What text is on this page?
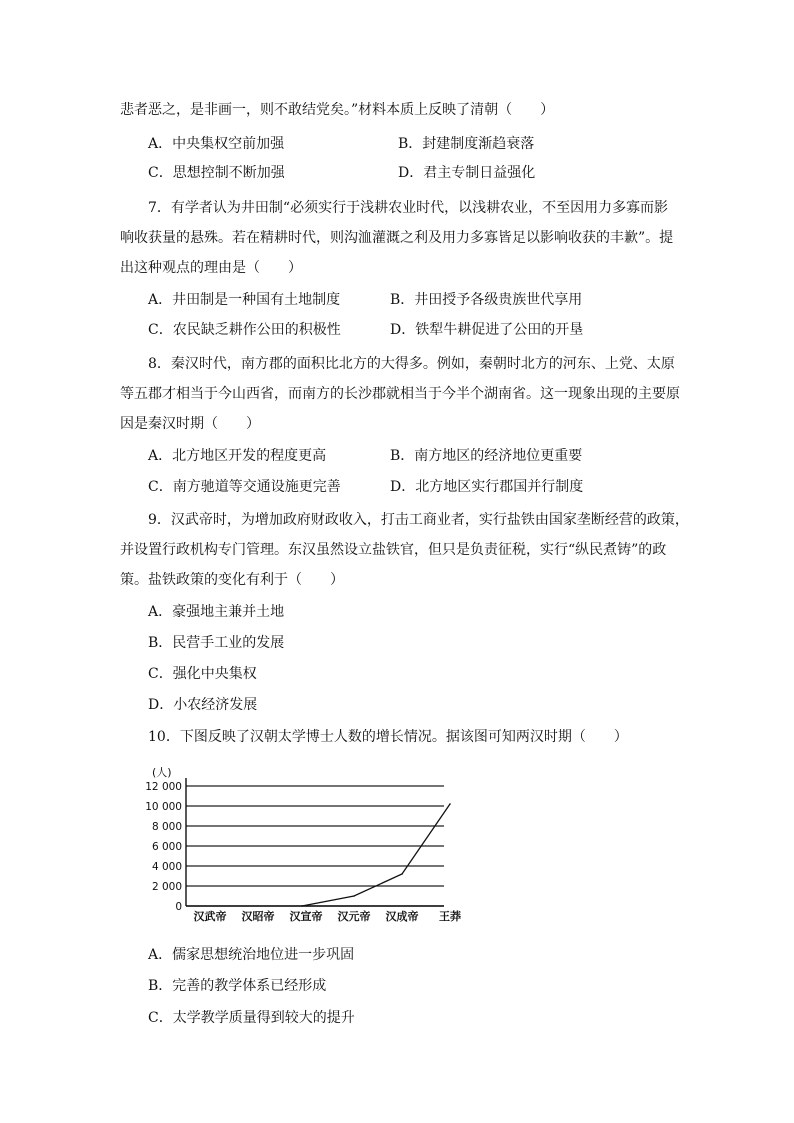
悲者恶之，是非画一，则不敢结党矣。”材料本质上反映了清朝（　　）
A．中央集权空前加强	B．封建制度渐趋衰落
C．思想控制不断加强	D．君主专制日益强化
7．有学者认为井田制“必须实行于浅耕农业时代，以浅耕农业，不至因用力多寡而影
响收获量的悬殊。若在精耕时代，则沟洫灌溉之利及用力多寡皆足以影响收获的丰歉”。提
出这种观点的理由是（　　）
A．井田制是一种国有土地制度	B．井田授予各级贵族世代享用
C．农民缺乏耕作公田的积极性	D．铁犁牛耕促进了公田的开垦
8．秦汉时代，南方郡的面积比北方的大得多。例如，秦朝时北方的河东、上党、太原
等五郡才相当于今山西省，而南方的长沙郡就相当于今半个湖南省。这一现象出现的主要原
因是秦汉时期（　　）
A．北方地区开发的程度更高	B．南方地区的经济地位更重要
C．南方驰道等交通设施更完善	D．北方地区实行郡国并行制度
9．汉武帝时，为增加政府财政收入，打击工商业者，实行盐铁由国家垄断经营的政策，
并设置行政机构专门管理。东汉虽然设立盐铁官，但只是负责征税，实行“纵民煮铸”的政
策。盐铁政策的变化有利于（　　）
A．豪强地主兼并土地
B．民营手工业的发展
C．强化中央集权
D．小农经济发展
10．下图反映了汉朝太学博士人数的增长情况。据该图可知两汉时期（　　）
(人)
12 000
10 000
8 000
6 000
4 000
2 000
0
汉武帝 汉昭帝 汉宣帝 汉元帝 汉成帝 王莽
A．儒家思想统治地位进一步巩固
B．完善的教学体系已经形成
C．太学教学质量得到较大的提升
